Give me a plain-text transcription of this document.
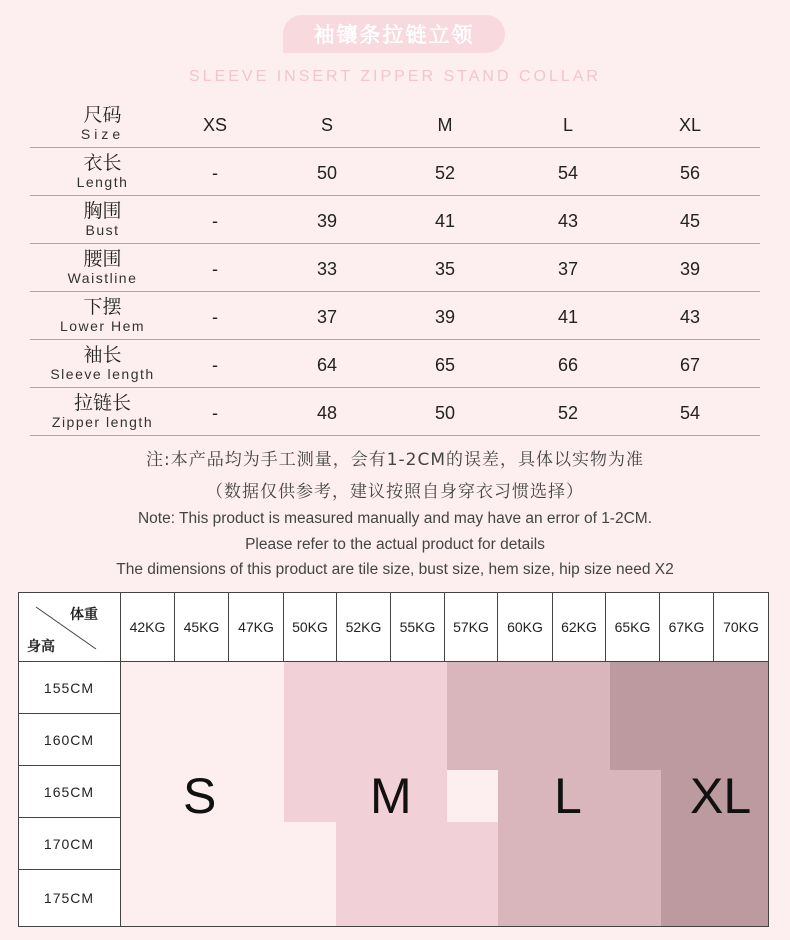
袖镶条拉链立领
SLEEVE INSERT ZIPPER STAND COLLAR
尺码
Size	XS	S	M	L	XL
衣长
Length	-	50	52	54	56
胸围
Bust	-	39	41	43	45
腰围
Waistline	-	33	35	37	39
下摆
Lower Hem	-	37	39	41	43
袖长
Sleeve length	-	64	65	66	67
拉链长
Zipper length	-	48	50	52	54
注:本产品均为手工测量，会有1-2CM的误差，具体以实物为准
（数据仅供参考，建议按照自身穿衣习惯选择）
Note: This product is measured manually and may have an error of 1-2CM.
Please refer to the actual product for details
The dimensions of this product are tile size, bust size, hem size, hip size need X2
S	M	L XL
体重
身高
42KG	45KG	47KG	50KG	52KG	55KG	57KG	60KG	62KG	65KG	67KG	70KG
155CM
160CM
165CM
170CM
175CM
